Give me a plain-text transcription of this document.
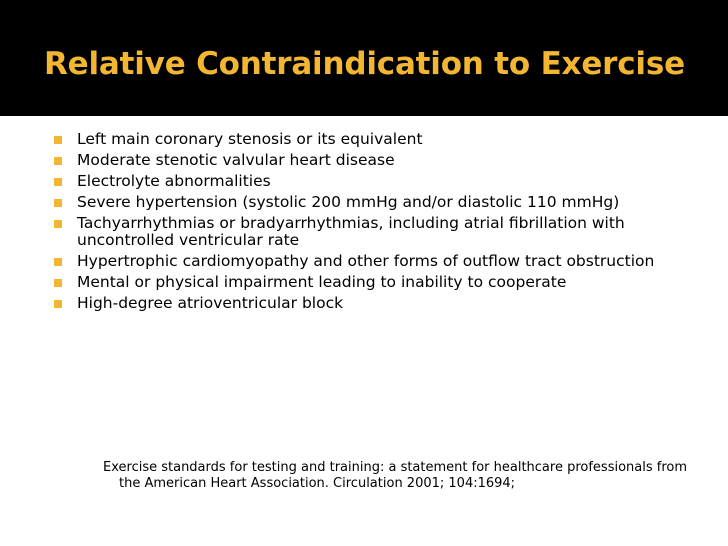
Relative Contraindication to Exercise
Left main coronary stenosis or its equivalent
Moderate stenotic valvular heart disease
Electrolyte abnormalities
Severe hypertension (systolic 200 mmHg and/or diastolic 110 mmHg)
Tachyarrhythmias or bradyarrhythmias, including atrial fibrillation with uncontrolled ventricular rate
Hypertrophic cardiomyopathy and other forms of outflow tract obstruction
Mental or physical impairment leading to inability to cooperate
High-degree atrioventricular block

Exercise standards for testing and training: a statement for healthcare professionals from the American Heart Association. Circulation 2001; 104:1694;
